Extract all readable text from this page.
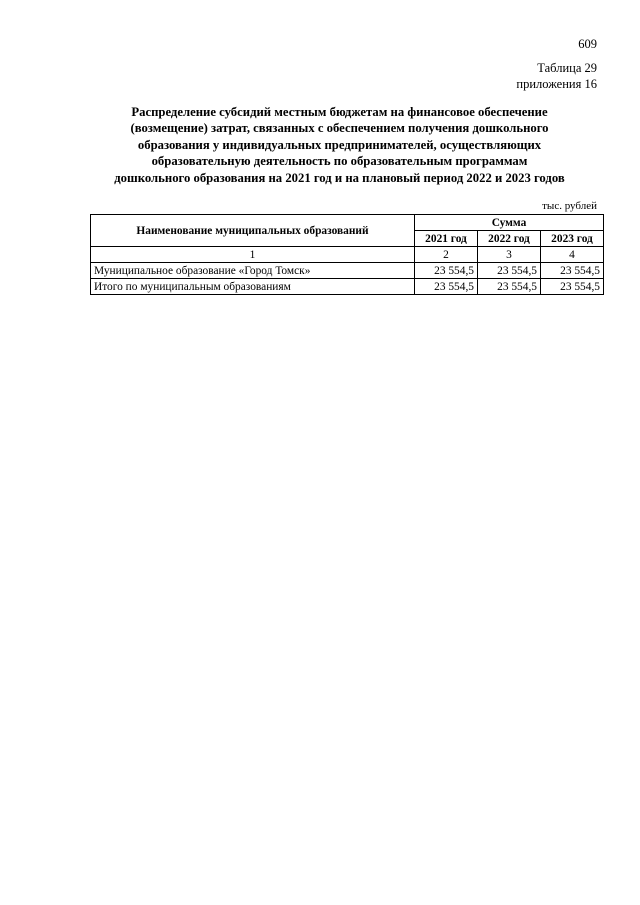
609
Таблица 29
приложения 16
Распределение субсидий местным бюджетам на финансовое обеспечение
(возмещение) затрат, связанных с обеспечением получения дошкольного
образования у индивидуальных предпринимателей, осуществляющих
образовательную деятельность по образовательным программам
дошкольного образования на 2021 год и на плановый период 2022 и 2023 годов
тыс. рублей
Наименование муниципальных образований	Сумма		
	2021 год	2022 год	2023 год
1	2	3	4
Муниципальное образование «Город Томск»	23 554,5	23 554,5	23 554,5
Итого по муниципальным образованиям	23 554,5	23 554,5	23 554,5
